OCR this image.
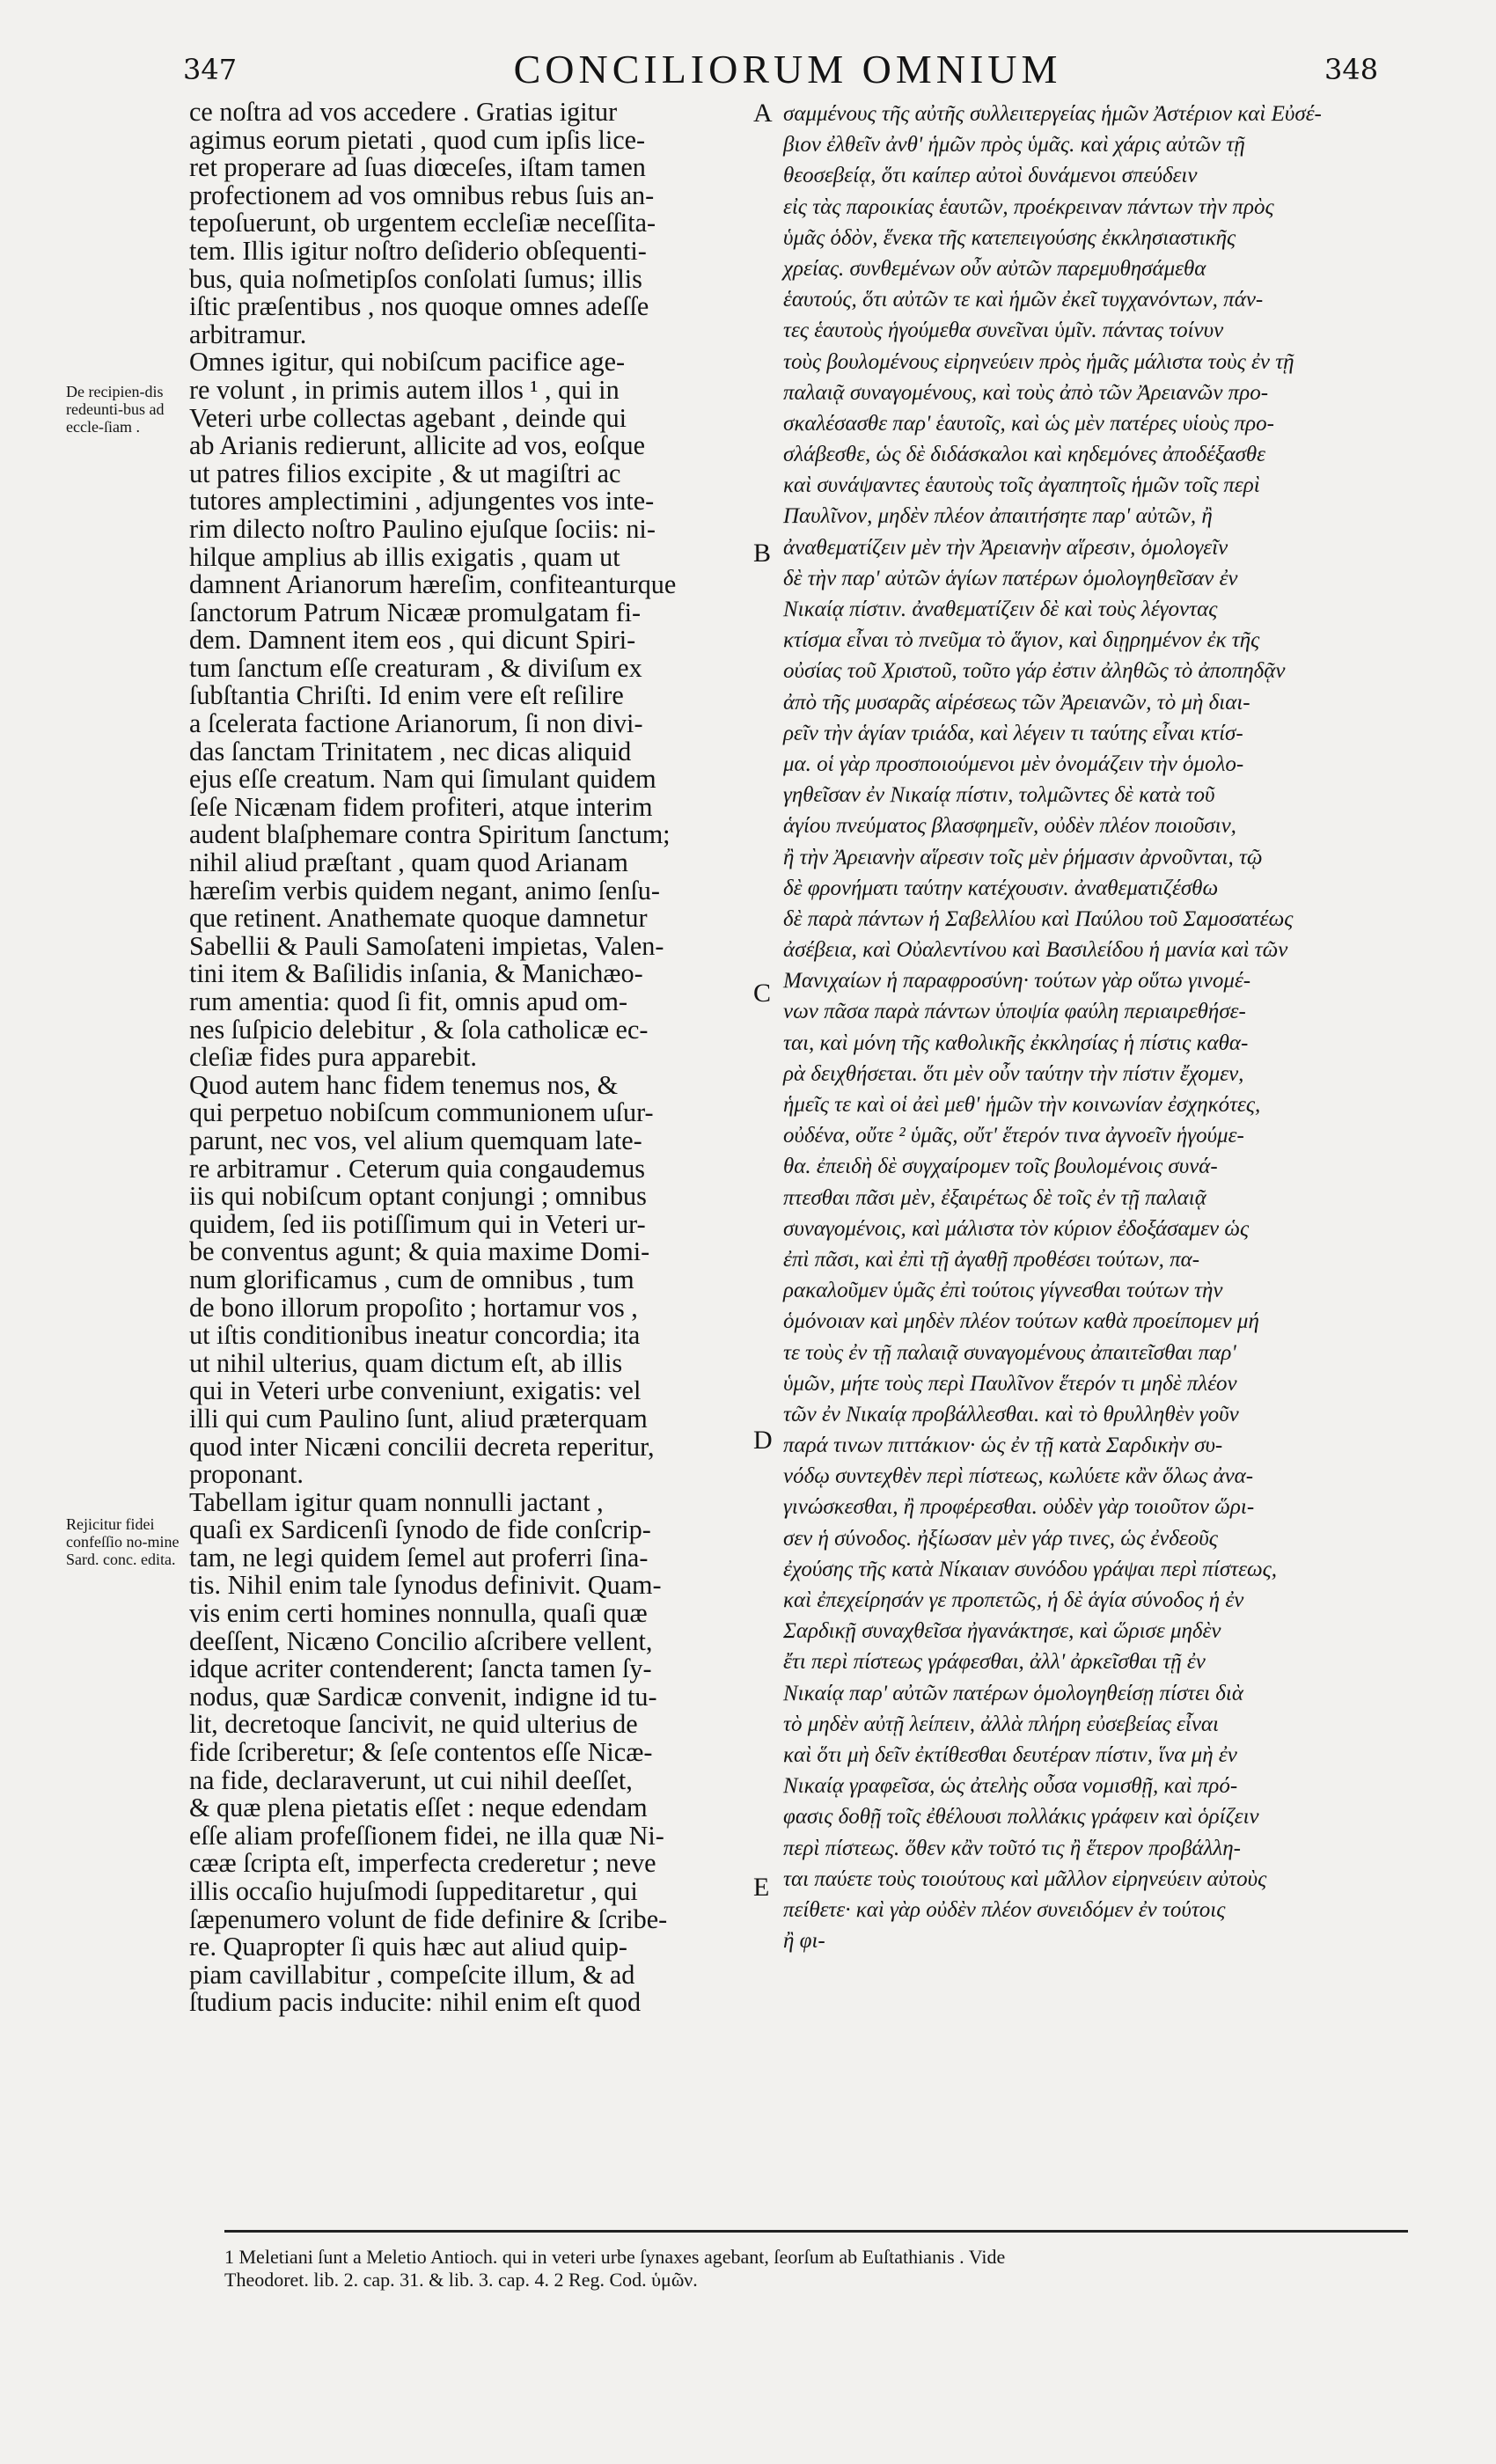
347	CONCILIORUM OMNIUM	348
De recipien-dis redeunti-bus ad eccle-ſiam .
Rejicitur fidei confeſſio no-mine Sard. conc. edita.
A
B
C
D
E
ce noſtra ad vos accedere . Gratias igitur
agimus eorum pietati , quod cum ipſis lice-
ret properare ad ſuas diœceſes, iſtam tamen
profectionem ad vos omnibus rebus ſuis an-
tepoſuerunt, ob urgentem eccleſiæ neceſſita-
tem. Illis igitur noſtro deſiderio obſequenti-
bus, quia noſmetipſos conſolati ſumus; illis
iſtic præſentibus , nos quoque omnes adeſſe
arbitramur.
Omnes igitur, qui nobiſcum pacifice age-
re volunt , in primis autem illos ¹ , qui in
Veteri urbe collectas agebant , deinde qui
ab Arianis redierunt, allicite ad vos, eoſque
ut patres filios excipite , & ut magiſtri ac
tutores amplectimini , adjungentes vos inte-
rim dilecto noſtro Paulino ejuſque ſociis: ni-
hilque amplius ab illis exigatis , quam ut
damnent Arianorum hæreſim, confiteanturque
ſanctorum Patrum Nicææ promulgatam fi-
dem. Damnent item eos , qui dicunt Spiri-
tum ſanctum eſſe creaturam , & diviſum ex
ſubſtantia Chriſti. Id enim vere eſt reſilire
a ſcelerata factione Arianorum, ſi non divi-
das ſanctam Trinitatem , nec dicas aliquid
ejus eſſe creatum. Nam qui ſimulant quidem
ſeſe Nicænam fidem profiteri, atque interim
audent blaſphemare contra Spiritum ſanctum;
nihil aliud præſtant , quam quod Arianam
hæreſim verbis quidem negant, animo ſenſu-
que retinent. Anathemate quoque damnetur
Sabellii & Pauli Samoſateni impietas, Valen-
tini item & Baſilidis inſania, & Manichæo-
rum amentia: quod ſi fit, omnis apud om-
nes ſuſpicio delebitur , & ſola catholicæ ec-
cleſiæ fides pura apparebit.
Quod autem hanc fidem tenemus nos, &
qui perpetuo nobiſcum communionem uſur-
parunt, nec vos, vel alium quemquam late-
re arbitramur . Ceterum quia congaudemus
iis qui nobiſcum optant conjungi ; omnibus
quidem, ſed iis potiſſimum qui in Veteri ur-
be conventus agunt; & quia maxime Domi-
num glorificamus , cum de omnibus , tum
de bono illorum propoſito ; hortamur vos ,
ut iſtis conditionibus ineatur concordia; ita
ut nihil ulterius, quam dictum eſt, ab illis
qui in Veteri urbe conveniunt, exigatis: vel
illi qui cum Paulino ſunt, aliud præterquam
quod inter Nicæni concilii decreta reperitur,
proponant.
Tabellam igitur quam nonnulli jactant ,
quaſi ex Sardicenſi ſynodo de fide conſcrip-
tam, ne legi quidem ſemel aut proferri ſina-
tis. Nihil enim tale ſynodus definivit. Quam-
vis enim certi homines nonnulla, quaſi quæ
deeſſent, Nicæno Concilio aſcribere vellent,
idque acriter contenderent; ſancta tamen ſy-
nodus, quæ Sardicæ convenit, indigne id tu-
lit, decretoque ſancivit, ne quid ulterius de
fide ſcriberetur; & ſeſe contentos eſſe Nicæ-
na fide, declaraverunt, ut cui nihil deeſſet,
& quæ plena pietatis eſſet : neque edendam
eſſe aliam profeſſionem fidei, ne illa quæ Ni-
cææ ſcripta eſt, imperfecta crederetur ; neve
illis occaſio hujuſmodi ſuppeditaretur , qui
ſæpenumero volunt de fide definire & ſcribe-
re. Quapropter ſi quis hæc aut aliud quip-
piam cavillabitur , compeſcite illum, & ad
ſtudium pacis inducite: nihil enim eſt quod
σαμμένους τῆς αὐτῆς συλλειτεργείας ἡμῶν Ἀστέριον καὶ Εὐσέ-
βιον ἐλθεῖν ἀνθ' ἡμῶν πρὸς ὑμᾶς. καὶ χάρις αὐτῶν τῇ
θεοσεβείᾳ, ὅτι καίπερ αὐτοὶ δυνάμενοι σπεύδειν
εἰς τὰς παροικίας ἑαυτῶν, προέκρειναν πάντων τὴν πρὸς
ὑμᾶς ὁδὸν, ἕνεκα τῆς κατεπειγούσης ἐκκλησιαστικῆς
χρείας. συνθεμένων οὖν αὐτῶν παρεμυθησάμεθα
ἑαυτούς, ὅτι αὐτῶν τε καὶ ἡμῶν ἐκεῖ τυγχανόντων, πάν-
τες ἑαυτοὺς ἡγούμεθα συνεῖναι ὑμῖν. πάντας τοίνυν
τοὺς βουλομένους εἰρηνεύειν πρὸς ἡμᾶς μάλιστα τοὺς ἐν τῇ
παλαιᾷ συναγομένους, καὶ τοὺς ἀπὸ τῶν Ἀρειανῶν προ-
σκαλέσασθε παρ' ἑαυτοῖς, καὶ ὡς μὲν πατέρες υἱοὺς προ-
σλάβεσθε, ὡς δὲ διδάσκαλοι καὶ κηδεμόνες ἀποδέξασθε
καὶ συνάψαντες ἑαυτοὺς τοῖς ἀγαπητοῖς ἡμῶν τοῖς περὶ
Παυλῖνον, μηδὲν πλέον ἀπαιτήσητε παρ' αὐτῶν, ἢ
ἀναθεματίζειν μὲν τὴν Ἀρειανὴν αἵρεσιν, ὁμολογεῖν
δὲ τὴν παρ' αὐτῶν ἁγίων πατέρων ὁμολογηθεῖσαν ἐν
Νικαίᾳ πίστιν. ἀναθεματίζειν δὲ καὶ τοὺς λέγοντας
κτίσμα εἶναι τὸ πνεῦμα τὸ ἅγιον, καὶ διῃρημένον ἐκ τῆς
οὐσίας τοῦ Χριστοῦ, τοῦτο γάρ ἐστιν ἀληθῶς τὸ ἀποπηδᾷν
ἀπὸ τῆς μυσαρᾶς αἱρέσεως τῶν Ἀρειανῶν, τὸ μὴ διαι-
ρεῖν τὴν ἁγίαν τριάδα, καὶ λέγειν τι ταύτης εἶναι κτίσ-
μα. οἱ γὰρ προσποιούμενοι μὲν ὀνομάζειν τὴν ὁμολο-
γηθεῖσαν ἐν Νικαίᾳ πίστιν, τολμῶντες δὲ κατὰ τοῦ
ἁγίου πνεύματος βλασφημεῖν, οὐδὲν πλέον ποιοῦσιν,
ἢ τὴν Ἀρειανὴν αἵρεσιν τοῖς μὲν ῥήμασιν ἀρνοῦνται, τῷ
δὲ φρονήματι ταύτην κατέχουσιν. ἀναθεματιζέσθω
δὲ παρὰ πάντων ἡ Σαβελλίου καὶ Παύλου τοῦ Σαμοσατέως
ἀσέβεια, καὶ Οὐαλεντίνου καὶ Βασιλείδου ἡ μανία καὶ τῶν
Μανιχαίων ἡ παραφροσύνη· τούτων γὰρ οὕτω γινομέ-
νων πᾶσα παρὰ πάντων ὑποψία φαύλη περιαιρεθήσε-
ται, καὶ μόνη τῆς καθολικῆς ἐκκλησίας ἡ πίστις καθα-
ρὰ δειχθήσεται. ὅτι μὲν οὖν ταύτην τὴν πίστιν ἔχομεν,
ἡμεῖς τε καὶ οἱ ἀεὶ μεθ' ἡμῶν τὴν κοινωνίαν ἐσχηκότες,
οὐδένα, οὔτε ² ὑμᾶς, οὔτ' ἕτερόν τινα ἀγνοεῖν ἡγούμε-
θα. ἐπειδὴ δὲ συγχαίρομεν τοῖς βουλομένοις συνά-
πτεσθαι πᾶσι μὲν, ἐξαιρέτως δὲ τοῖς ἐν τῇ παλαιᾷ
συναγομένοις, καὶ μάλιστα τὸν κύριον ἐδοξάσαμεν ὡς
ἐπὶ πᾶσι, καὶ ἐπὶ τῇ ἀγαθῇ προθέσει τούτων, πα-
ρακαλοῦμεν ὑμᾶς ἐπὶ τούτοις γίγνεσθαι τούτων τὴν
ὁμόνοιαν καὶ μηδὲν πλέον τούτων καθὰ προείπομεν μή
τε τοὺς ἐν τῇ παλαιᾷ συναγομένους ἀπαιτεῖσθαι παρ'
ὑμῶν, μήτε τοὺς περὶ Παυλῖνον ἕτερόν τι μηδὲ πλέον
τῶν ἐν Νικαίᾳ προβάλλεσθαι. καὶ τὸ θρυλληθὲν γοῦν
παρά τινων πιττάκιον· ὡς ἐν τῇ κατὰ Σαρδικὴν συ-
νόδῳ συντεχθὲν περὶ πίστεως, κωλύετε κἂν ὅλως ἀνα-
γινώσκεσθαι, ἢ προφέρεσθαι. οὐδὲν γὰρ τοιοῦτον ὥρι-
σεν ἡ σύνοδος. ἠξίωσαν μὲν γάρ τινες, ὡς ἐνδεοῦς
ἐχούσης τῆς κατὰ Νίκαιαν συνόδου γράψαι περὶ πίστεως,
καὶ ἐπεχείρησάν γε προπετῶς, ἡ δὲ ἁγία σύνοδος ἡ ἐν
Σαρδικῇ συναχθεῖσα ἠγανάκτησε, καὶ ὥρισε μηδὲν
ἔτι περὶ πίστεως γράφεσθαι, ἀλλ' ἀρκεῖσθαι τῇ ἐν
Νικαίᾳ παρ' αὐτῶν πατέρων ὁμολογηθείσῃ πίστει διὰ
τὸ μηδὲν αὐτῇ λείπειν, ἀλλὰ πλήρη εὐσεβείας εἶναι
καὶ ὅτι μὴ δεῖν ἐκτίθεσθαι δευτέραν πίστιν, ἵνα μὴ ἐν
Νικαίᾳ γραφεῖσα, ὡς ἀτελὴς οὖσα νομισθῇ, καὶ πρό-
φασις δοθῇ τοῖς ἐθέλουσι πολλάκις γράφειν καὶ ὁρίζειν
περὶ πίστεως. ὅθεν κἂν τοῦτό τις ἢ ἕτερον προβάλλη-
ται παύετε τοὺς τοιούτους καὶ μᾶλλον εἰρηνεύειν αὐτοὺς
πείθετε· καὶ γὰρ οὐδὲν πλέον συνειδόμεν ἐν τούτοις
ἢ φι-
1 Meletiani ſunt a Meletio Antioch. qui in veteri urbe ſynaxes agebant, ſeorſum ab Euſtathianis . Vide
Theodoret. lib. 2. cap. 31. & lib. 3. cap. 4. 2 Reg. Cod. ὑμῶν.
